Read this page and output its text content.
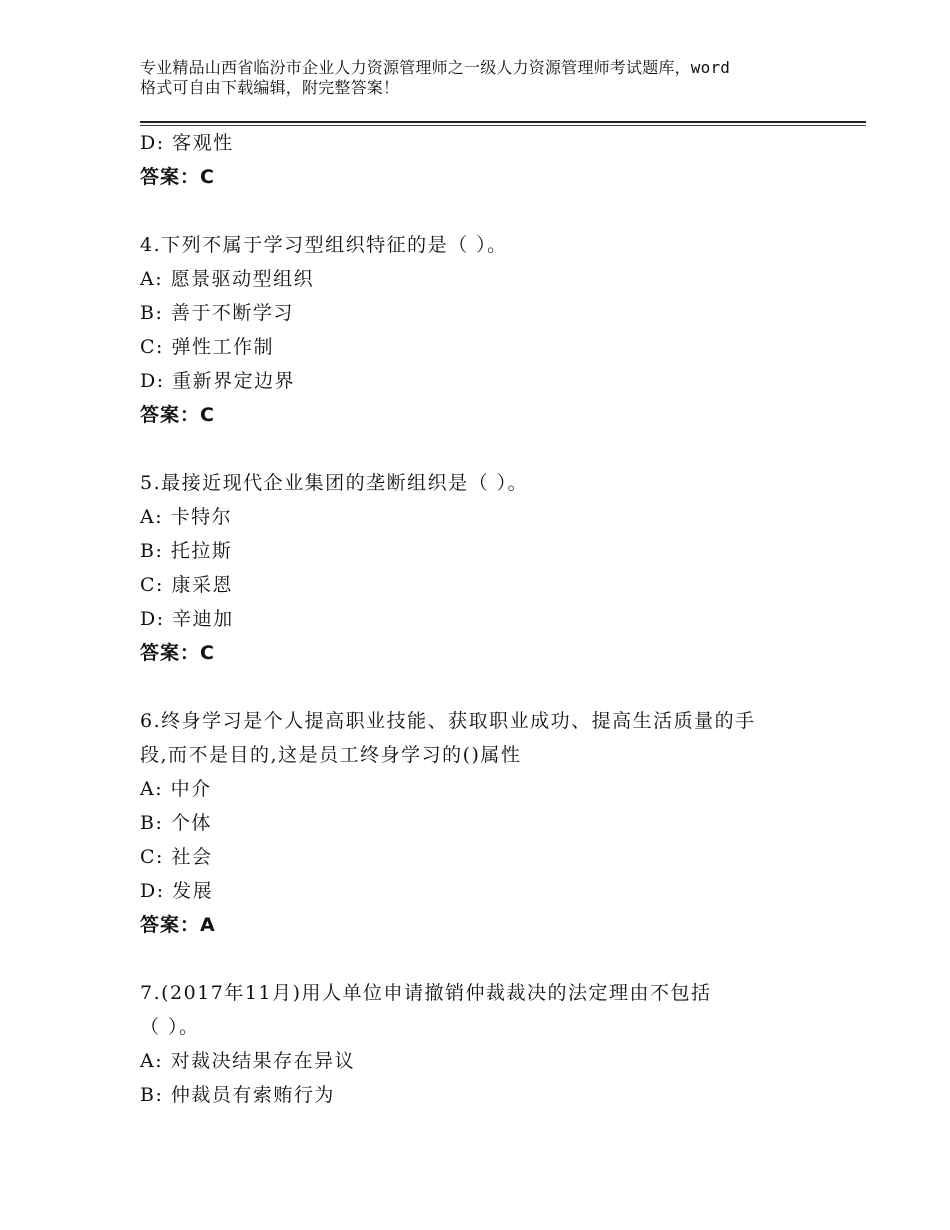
专业精品山西省临汾市企业人力资源管理师之一级人力资源管理师考试题库，word
格式可自由下载编辑，附完整答案！
D: 客观性
答案：C
4.下列不属于学习型组织特征的是（ ）。
A: 愿景驱动型组织
B: 善于不断学习
C: 弹性工作制
D: 重新界定边界
答案：C
5.最接近现代企业集团的垄断组织是（ ）。
A: 卡特尔
B: 托拉斯
C: 康采恩
D: 辛迪加
答案：C
6.终身学习是个人提高职业技能、获取职业成功、提高生活质量的手
段,而不是目的,这是员工终身学习的()属性
A: 中介
B: 个体
C: 社会
D: 发展
答案：A
7.(2017年11月)用人单位申请撤销仲裁裁决的法定理由不包括
（ ）。
A: 对裁决结果存在异议
B: 仲裁员有索贿行为
